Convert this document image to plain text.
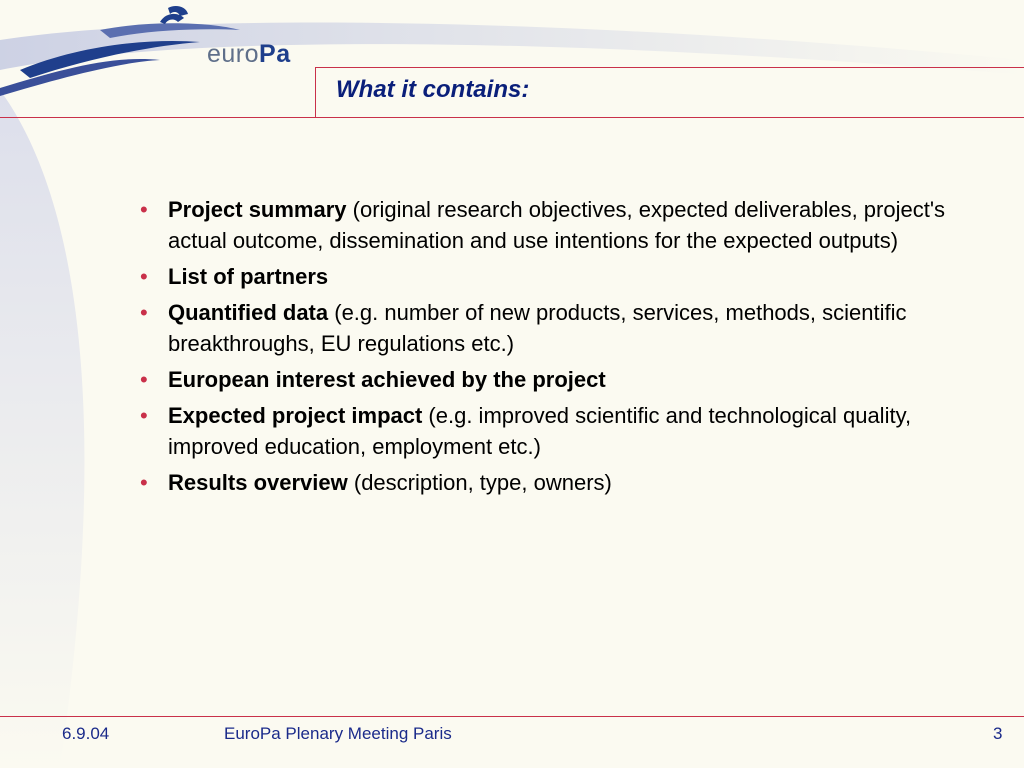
euroPa
What it contains:
• Project summary (original research objectives, expected deliverables, project's actual outcome, dissemination and use intentions for the expected outputs)
• List of partners
• Quantified data (e.g. number of new products, services, methods, scientific breakthroughs, EU regulations etc.)
• European interest achieved by the project
• Expected project impact (e.g. improved scientific and technological quality, improved education, employment etc.)
• Results overview (description, type, owners)
6.9.04	EuroPa Plenary Meeting Paris	3
